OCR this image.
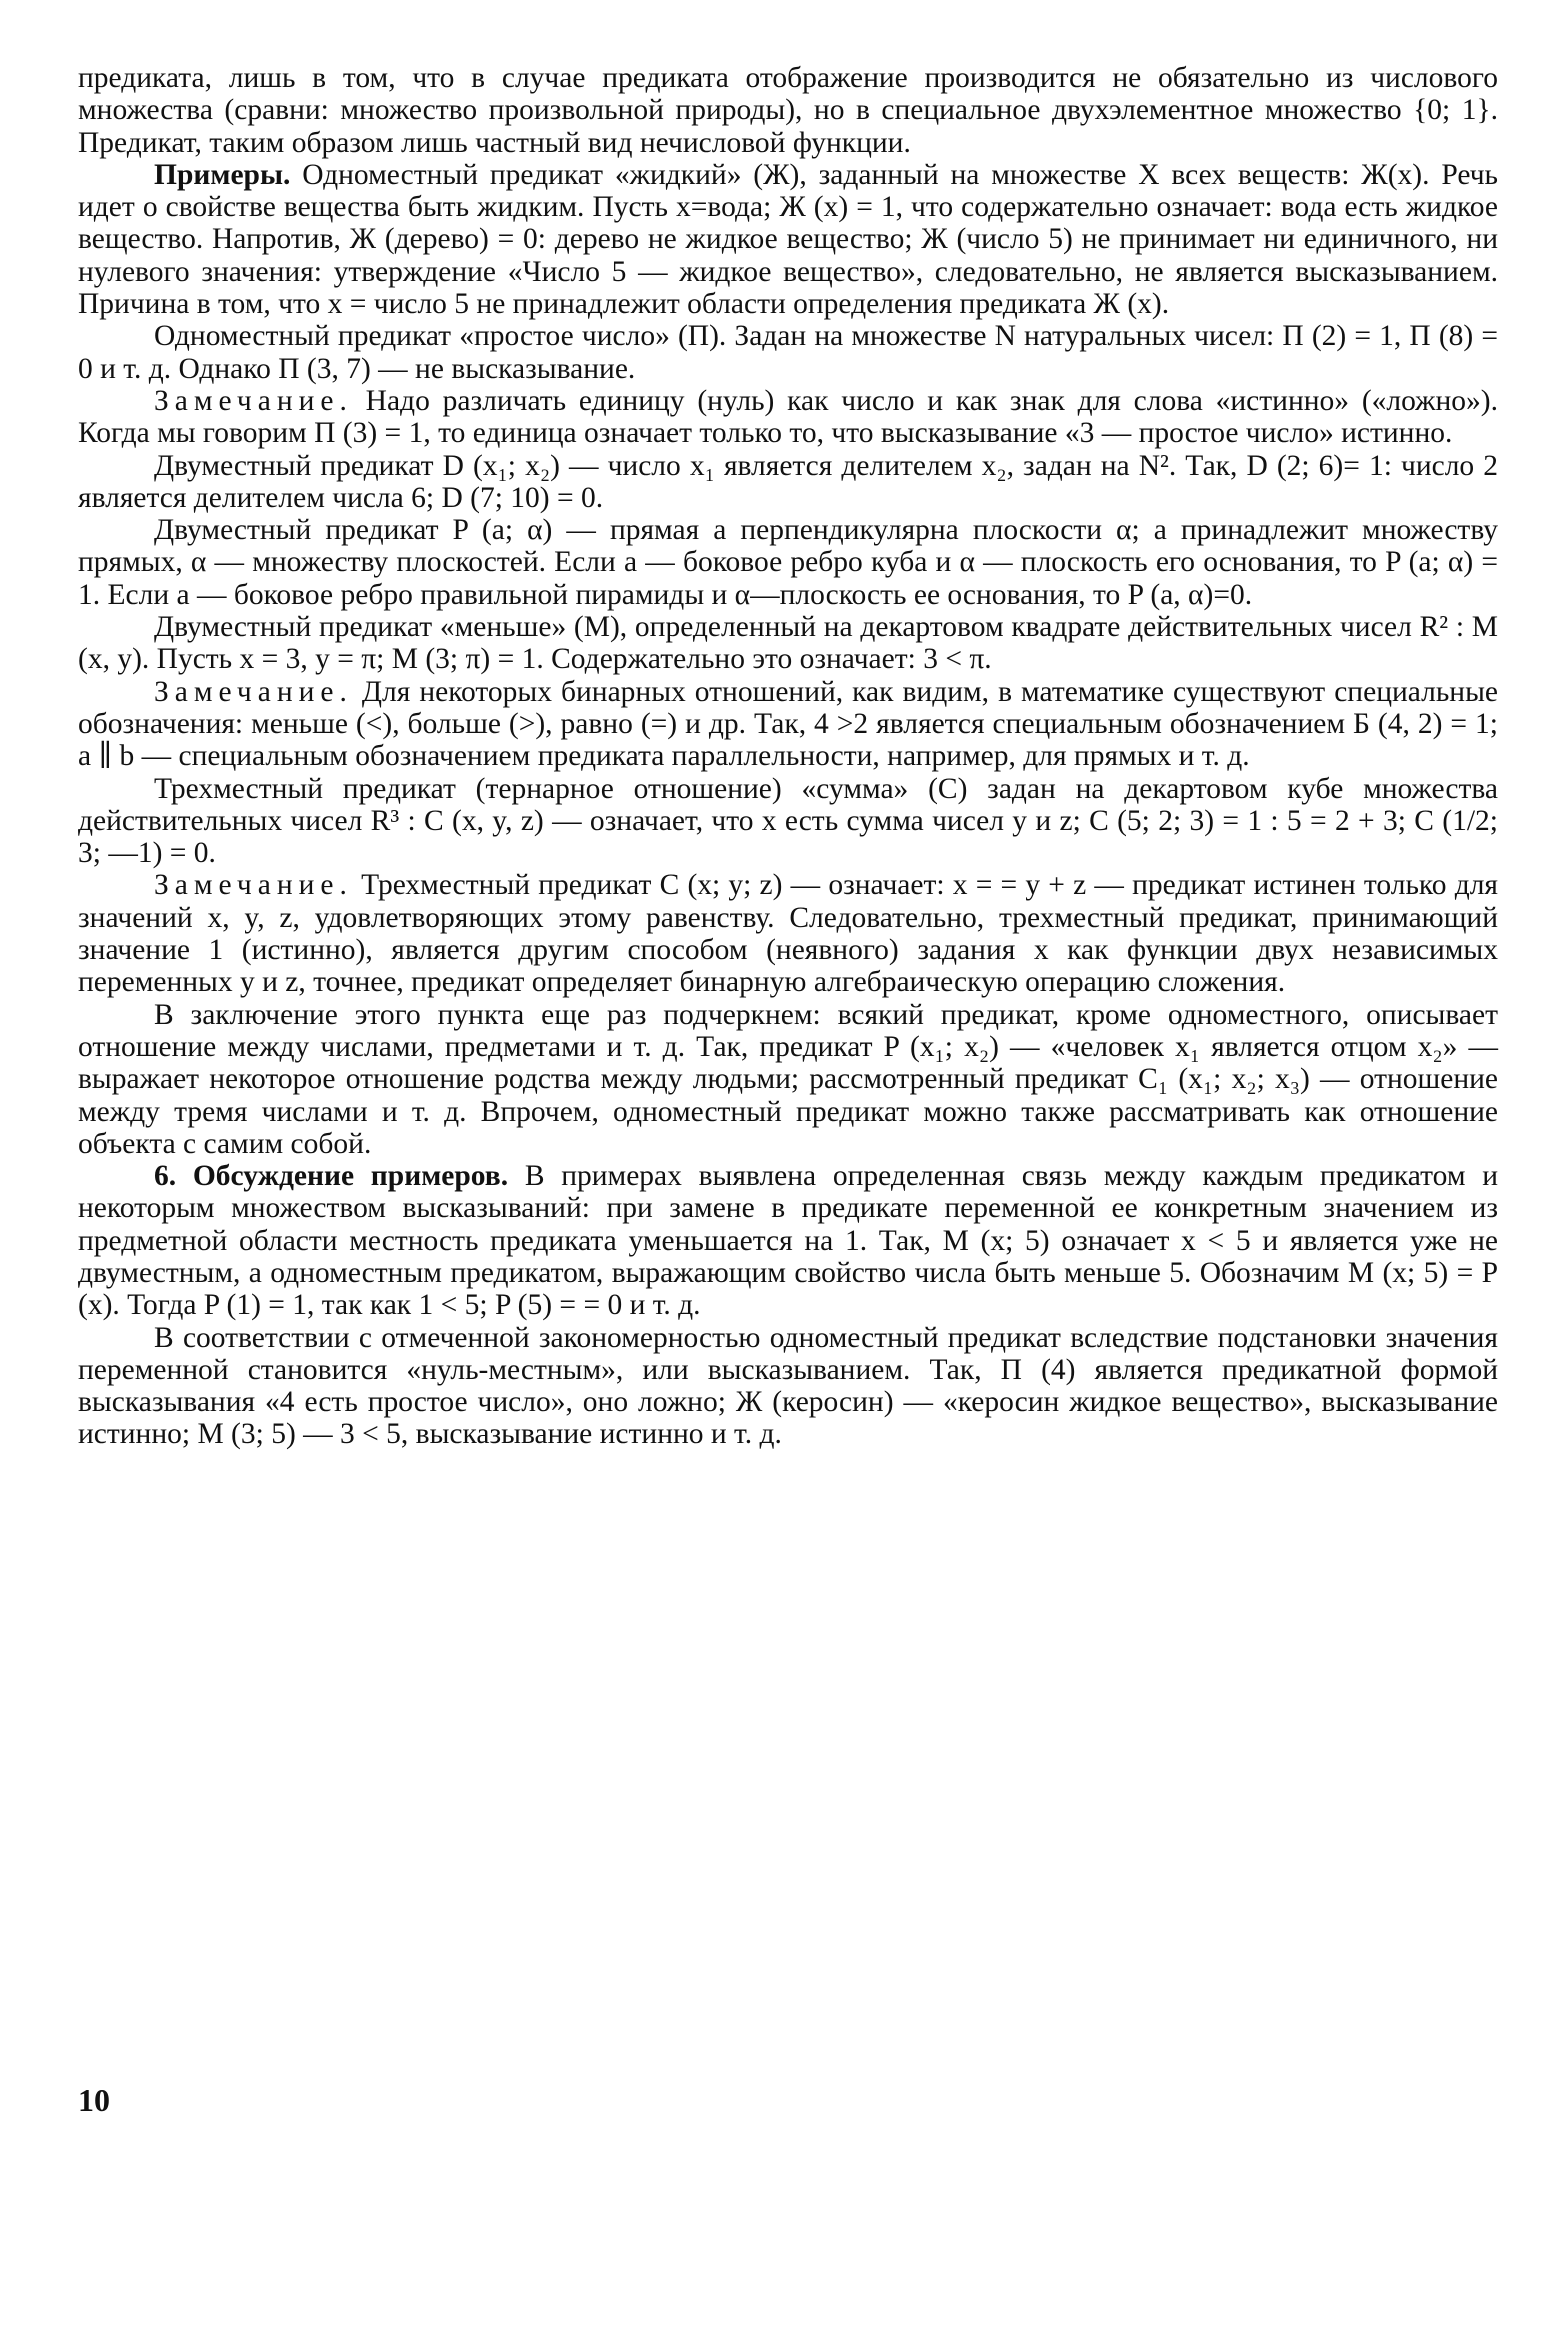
предиката, лишь в том, что в случае предиката отображение производится не обязательно из числового множества (сравни: множество произвольной природы), но в специальное двухэлементное множество {0; 1}. Предикат, таким образом лишь частный вид нечисловой функции.

Примеры. Одноместный предикат «жидкий» (Ж), заданный на множестве X всех веществ: Ж(x). Речь идет о свойстве вещества быть жидким. Пусть x=вода; Ж (x) = 1, что содержательно означает: вода есть жидкое вещество. Напротив, Ж (дерево) = 0: дерево не жидкое вещество; Ж (число 5) не принимает ни единичного, ни нулевого значения: утверждение «Число 5 — жидкое вещество», следовательно, не является высказыванием. Причина в том, что x = число 5 не принадлежит области определения предиката Ж (x).

Одноместный предикат «простое число» (П). Задан на множестве N натуральных чисел: П (2) = 1, П (8) = 0 и т. д. Однако П (3, 7) — не высказывание.

Замечание. Надо различать единицу (нуль) как число и как знак для слова «истинно» («ложно»). Когда мы говорим П (3) = 1, то единица означает только то, что высказывание «3 — простое число» истинно.

Двуместный предикат D (x₁; x₂) — число x₁ является делителем x₂, задан на N². Так, D (2; 6)= 1: число 2 является делителем числа 6; D (7; 10) = 0.

Двуместный предикат P (a; α) — прямая a перпендикулярна плоскости α; a принадлежит множеству прямых, α — множеству плоскостей. Если a — боковое ребро куба и α — плоскость его основания, то P (a; α) = 1. Если a — боковое ребро правильной пирамиды и α—плоскость ее основания, то P (a, α)=0.

Двуместный предикат «меньше» (М), определенный на декартовом квадрате действительных чисел R² : М (x, y). Пусть x = 3, y = π; М (3; π) = 1. Содержательно это означает: 3 < π.

Замечание. Для некоторых бинарных отношений, как видим, в математике существуют специальные обозначения: меньше (<), больше (>), равно (=) и др. Так, 4 >2 является специальным обозначением Б (4, 2) = 1; a ∥ b — специальным обозначением предиката параллельности, например, для прямых и т. д.

Трехместный предикат (тернарное отношение) «сумма» (С) задан на декартовом кубе множества действительных чисел R³ : С (x, y, z) — означает, что x есть сумма чисел y и z; С (5; 2; 3) = 1 : 5 = 2 + 3; С (1/2; 3; —1) = 0.

Замечание. Трехместный предикат С (x; y; z) — означает: x = = y + z — предикат истинен только для значений x, y, z, удовлетворяющих этому равенству. Следовательно, трехместный предикат, принимающий значение 1 (истинно), является другим способом (неявного) задания x как функции двух независимых переменных y и z, точнее, предикат определяет бинарную алгебраическую операцию сложения.

В заключение этого пункта еще раз подчеркнем: всякий предикат, кроме одноместного, описывает отношение между числами, предметами и т. д. Так, предикат P (x₁; x₂) — «человек x₁ является отцом x₂» — выражает некоторое отношение родства между людьми; рассмотренный предикат C₁ (x₁; x₂; x₃) — отношение между тремя числами и т. д. Впрочем, одноместный предикат можно также рассматривать как отношение объекта с самим собой.

6. Обсуждение примеров. В примерах выявлена определенная связь между каждым предикатом и некоторым множеством высказываний: при замене в предикате переменной ее конкретным значением из предметной области местность предиката уменьшается на 1. Так, М (x; 5) означает x < 5 и является уже не двуместным, а одноместным предикатом, выражающим свойство числа быть меньше 5. Обозначим М (x; 5) = P (x). Тогда P (1) = 1, так как 1 < 5; P (5) = = 0 и т. д.

В соответствии с отмеченной закономерностью одноместный предикат вследствие подстановки значения переменной становится «нуль-местным», или высказыванием. Так, П (4) является предикатной формой высказывания «4 есть простое число», оно ложно; Ж (керосин) — «керосин жидкое вещество», высказывание истинно; М (3; 5) — 3 < 5, высказывание истинно и т. д.

10
